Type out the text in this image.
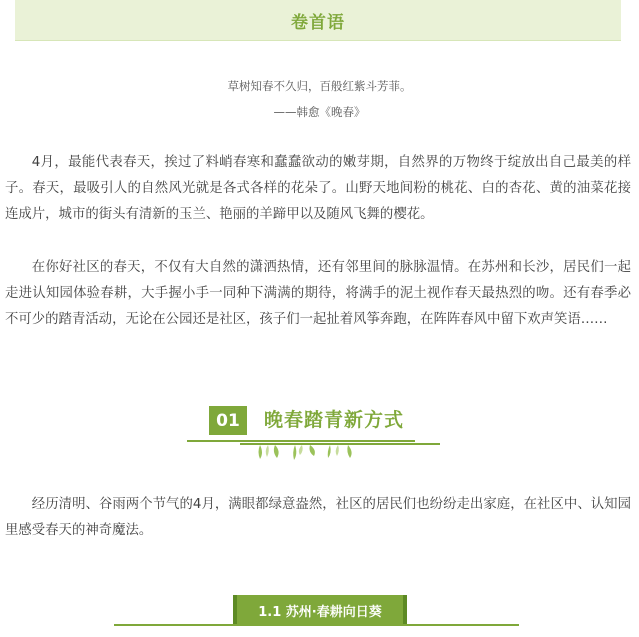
卷首语
草树知春不久归，百般红紫斗芳菲。
——韩愈《晚春》

4月，最能代表春天，挨过了料峭春寒和蠢蠢欲动的嫩芽期，自然界的万物终于绽放出自己最美的样子。春天，最吸引人的自然风光就是各式各样的花朵了。山野天地间粉的桃花、白的杏花、黄的油菜花接连成片，城市的街头有清新的玉兰、艳丽的羊蹄甲以及随风飞舞的樱花。

在你好社区的春天，不仅有大自然的潇洒热情，还有邻里间的脉脉温情。在苏州和长沙，居民们一起走进认知园体验春耕，大手握小手一同种下满满的期待，将满手的泥土视作春天最热烈的吻。还有春季必不可少的踏青活动，无论在公园还是社区，孩子们一起扯着风筝奔跑，在阵阵春风中留下欢声笑语……

01	晚春踏青新方式

经历清明、谷雨两个节气的4月，满眼都绿意盎然，社区的居民们也纷纷走出家庭，在社区中、认知园里感受春天的神奇魔法。

1.1 苏州·春耕向日葵
